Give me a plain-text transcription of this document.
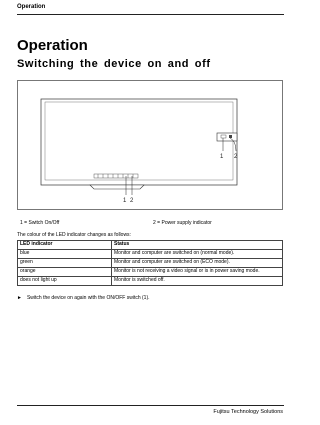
Operation
Operation
Switching the device on and off
1 2
1 2
1 = Switch On/Off	2 = Power supply indicator
The colour of the LED indicator changes as follows:
LED indicator	Status
blue	Monitor and computer are switched on (normal mode).
green	Monitor and computer are switched on (ECO mode).
orange	Monitor is not receiving a video signal or is in power saving mode.
does not light up	Monitor is switched off.
► Switch the device on again with the ON/OFF switch (1).
Fujitsu Technology Solutions
